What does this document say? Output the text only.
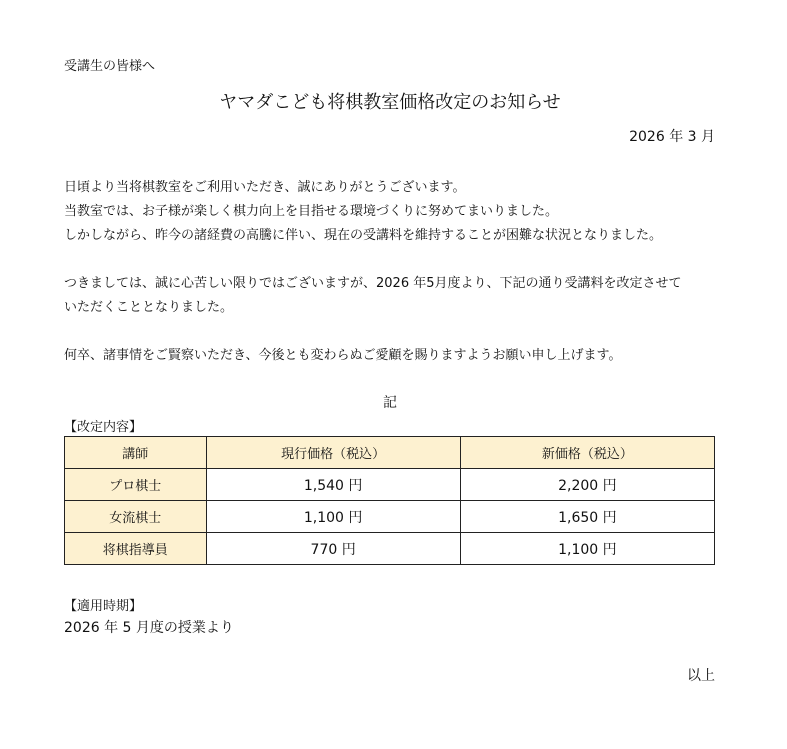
受講生の皆様へ
ヤマダこども将棋教室価格改定のお知らせ
2026 年 3 月
日頃より当将棋教室をご利用いただき、誠にありがとうございます。
当教室では、お子様が楽しく棋力向上を目指せる環境づくりに努めてまいりました。
しかしながら、昨今の諸経費の高騰に伴い、現在の受講料を維持することが困難な状況となりました。
つきましては、誠に心苦しい限りではございますが、2026 年5月度より、下記の通り受講料を改定させて
いただくこととなりました。
何卒、諸事情をご賢察いただき、今後とも変わらぬご愛顧を賜りますようお願い申し上げます。
記
【改定内容】
講師	現行価格（税込）	新価格（税込）
プロ棋士	1,540 円	2,200 円
女流棋士	1,100 円	1,650 円
将棋指導員	770 円	1,100 円
【適用時期】
2026 年 5 月度の授業より
以上
